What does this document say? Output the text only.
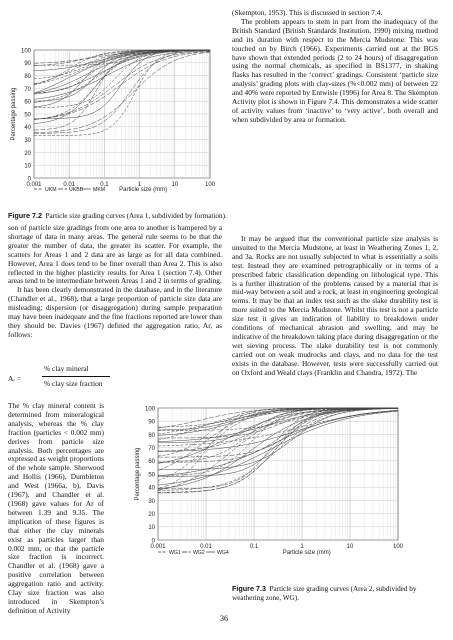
100
90
80
70
60
50
40
30
20
10
0
0.001	0.01	0.1	1	10	100
Percentage passing
Particle size (mm)
UKM UKBB MKM
Figure 7.2 Particle size grading curves (Area 1, subdivided by formation).

(Skempton, 1953). This is discussed in section 7.4.

The problem appears to stem in part from the inadequacy of the British Standard (British Standards Institution, 1990) mixing method and its duration with respect to the Mercia Mudstone. This was touched on by Birch (1966). Experiments carried out at the BGS have shown that extended periods (2 to 24 hours) of disaggregation using the normal chemicals, as specified in BS1377, in shaking flasks has resulted in the ‘correct’ gradings. Consistent ‘particle size analysis’ grading plots with clay-sizes (%<0.002 mm) of between 22 and 40% were reported by Entwisle (1996) for Area 8. The Skempton Activity plot is shown in Figure 7.4. This demonstrates a wide scatter of activity values from ‘inactive’ to ‘very active’, both overall and when subdivided by area or formation.

It may be argued that the conventional particle size analysis is unsuited to the Mercia Mudstone, at least in Weathering Zones 1, 2, and 3a. Rocks are not usually subjected to what is essentially a soils test. Instead they are examined petrographically or in terms of a prescribed fabric classification depending on lithological type. This is a further illustration of the problems caused by a material that is mid-way between a soil and a rock, at least in engineering geological terms. It may be that an index test such as the slake durability test is more suited to the Mercia Mudstone. Whilst this test is not a particle size test it gives an indication of liability to breakdown under conditions of mechanical abrasion and swelling, and may be indicative of the breakdown taking place during disaggregation or the wet sieving process. The slake durability test is not commonly carried out on weak mudrocks and clays, and no data for the test exists in the database. However, tests were successfully carried out on Oxford and Weald clays (Franklin and Chandra, 1972). The

son of particle size gradings from one area to another is hampered by a shortage of data in many areas. The general rule seems to be that the greater the number of data, the greater its scatter. For example, the scatters for Areas 1 and 2 data are as large as for all data combined. However, Area 1 does tend to be finer overall than Area 2. This is also reflected in the higher plasticity results for Area 1 (section 7.4). Other areas tend to be intermediate between Areas 1 and 2 in terms of grading.

It has been clearly demonstrated in the database, and in the literature (Chandler et al., 1968), that a large proportion of particle size data are misleading; dispersion (or disaggregation) during sample preparation may have been inadequate and the fine fractions reported are lower than they should be. Davies (1967) defined the aggregation ratio, Ar, as follows:

Aᵣ =
% clay mineral
% clay size fraction

The % clay mineral content is determined from mineralogical analysis, whereas the % clay fraction (particles < 0.002 mm) derives from particle size analysis. Both percentages are expressed as weight proportions of the whole sample. Sherwood and Hollis (1966), Dumbleton and West (1966a, b), Davis (1967), and Chandler et al. (1968) gave values for Ar of between 1.39 and 9.35. The implication of these figures is that either the clay minerals exist as particles larger than 0.002 mm, or that the particle size fraction is incorrect. Chandler et al. (1968) gave a positive correlation between aggregation ratio and activity. Clay size fraction was also introduced in Skempton’s definition of Activity

100
90
80
70
60
50
40
30
20
10
0
0.001	0.01	0.1	1	10	100
Percentage passing
Particle size (mm)
WG1 WG2 WG4
Figure 7.3 Particle size grading curves (Area 2, subdivided by weathering zone, WG).
36
